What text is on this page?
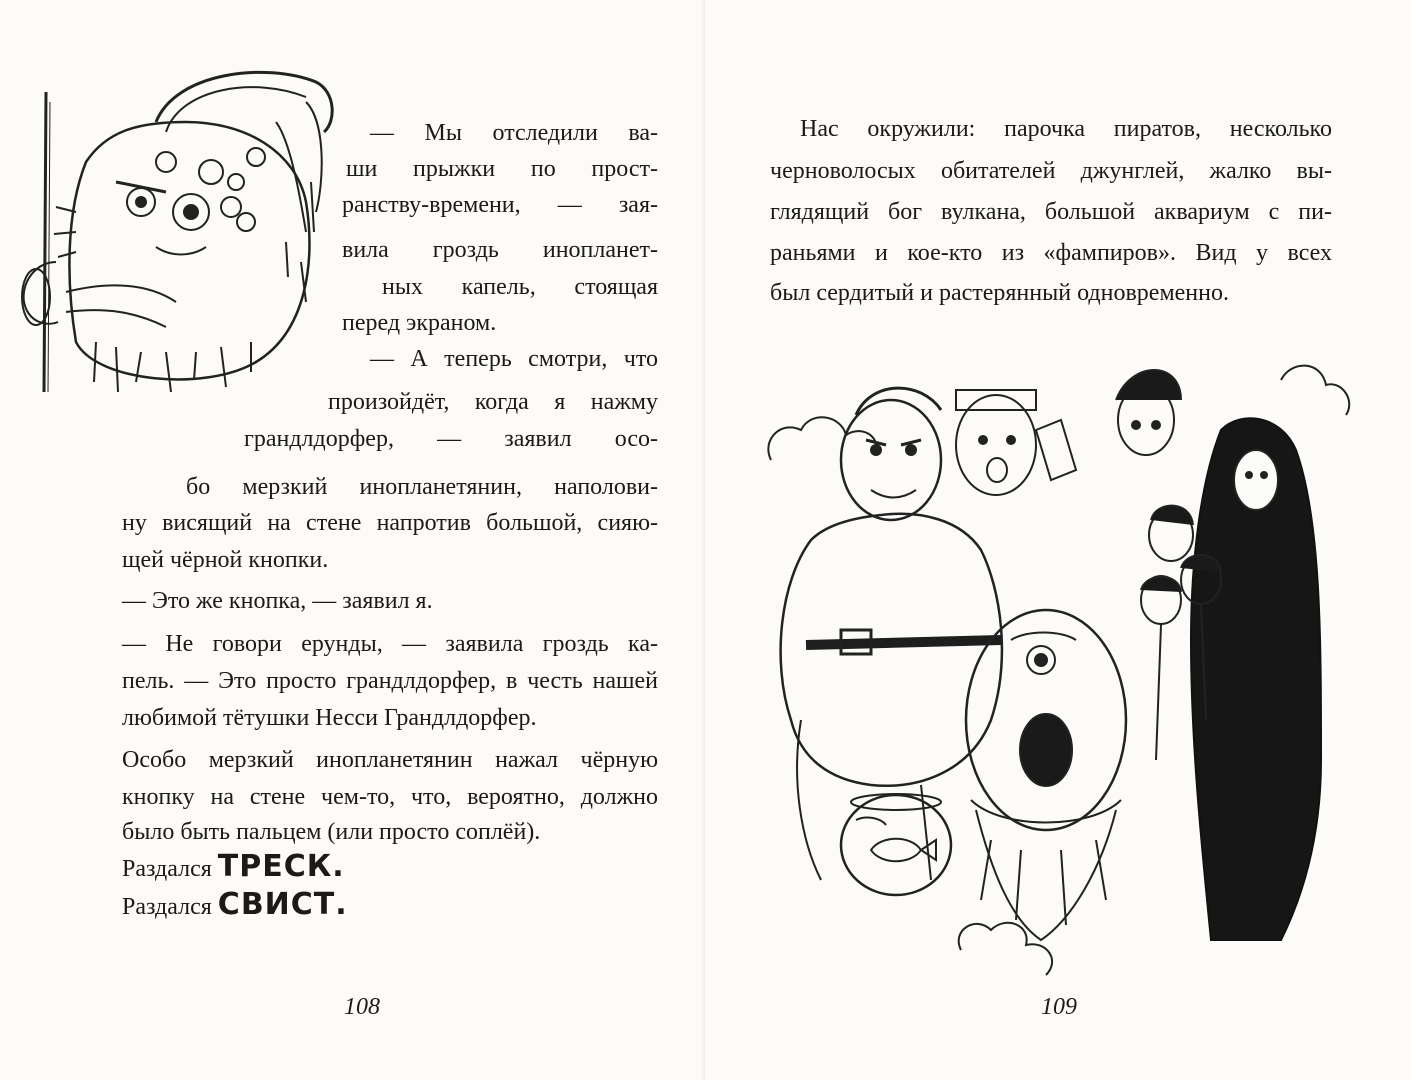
— Мы отследили ва-
ши прыжки по прост-
ранству-времени, — зая-
вила гроздь инопланет-
ных капель, стоящая
перед экраном.
— А теперь смотри, что
произойдёт, когда я нажму
грандлдорфер, — заявил осо-
бо мерзкий инопланетянин, наполови-
ну висящий на стене напротив большой, сияю-
щей чёрной кнопки.
— Это же кнопка, — заявил я.
— Не говори ерунды, — заявила гроздь ка-
пель. — Это просто грандлдорфер, в честь нашей
любимой тётушки Несси Грандлдорфер.
Особо мерзкий инопланетянин нажал чёрную
кнопку на стене чем-то, что, вероятно, должно
было быть пальцем (или просто соплёй).
Раздался ТРЕСК.
Раздался СВИСТ.
108
Нас окружили: парочка пиратов, несколько
черноволосых обитателей джунглей, жалко вы-
глядящий бог вулкана, большой аквариум с пи-
раньями и кое-кто из «фампиров». Вид у всех
был сердитый и растерянный одновременно.
109
